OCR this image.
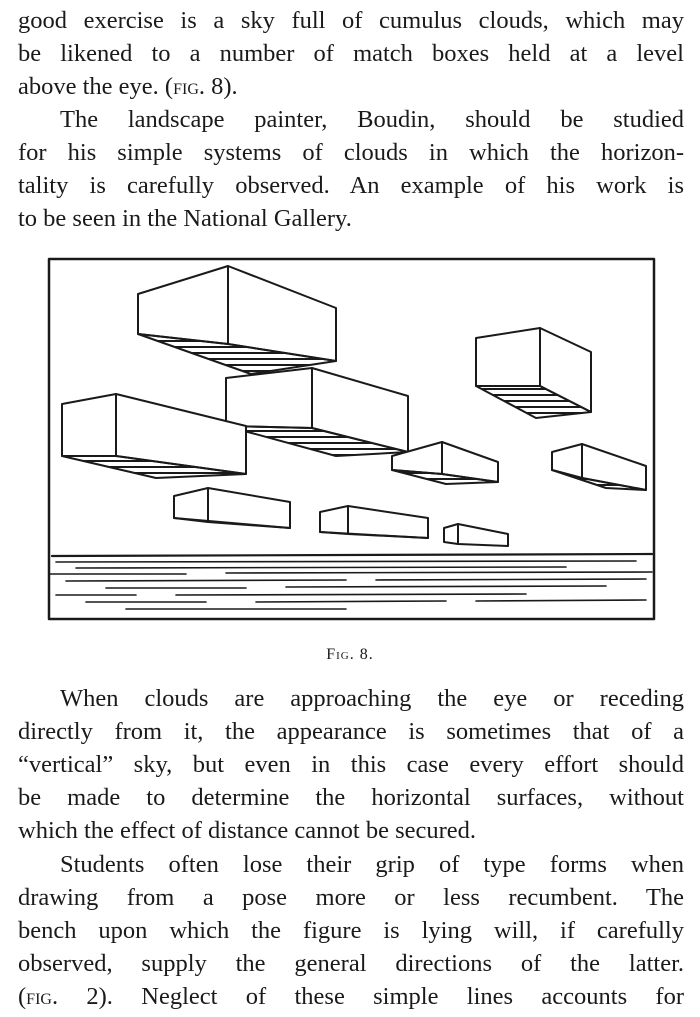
good exercise is a sky full of cumulus clouds, which may
be likened to a number of match boxes held at a level
above the eye. (fig. 8).

The landscape painter, Boudin, should be studied
for his simple systems of clouds in which the horizon-
tality is carefully observed. An example of his work is
to be seen in the National Gallery.

Fig. 8.

When clouds are approaching the eye or receding
directly from it, the appearance is sometimes that of a
“vertical” sky, but even in this case every effort should
be made to determine the horizontal surfaces, without
which the effect of distance cannot be secured.

Students often lose their grip of type forms when
drawing from a pose more or less recumbent. The
bench upon which the figure is lying will, if carefully
observed, supply the general directions of the latter.
(fig. 2). Neglect of these simple lines accounts for
